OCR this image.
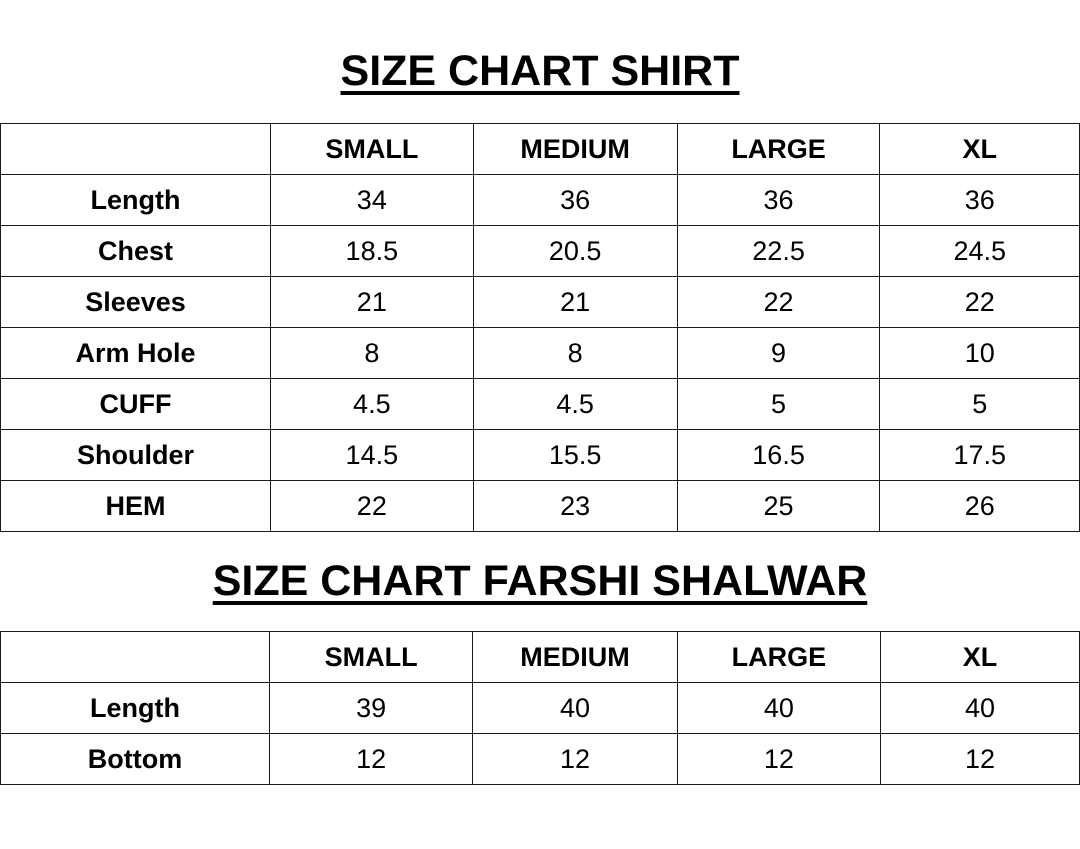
SIZE CHART SHIRT
	SMALL	MEDIUM	LARGE	XL
Length	34	36	36	36
Chest	18.5	20.5	22.5	24.5
Sleeves	21	21	22	22
Arm Hole	8	8	9	10
CUFF	4.5	4.5	5	5
Shoulder	14.5	15.5	16.5	17.5
HEM	22	23	25	26
SIZE CHART FARSHI SHALWAR
	SMALL	MEDIUM	LARGE	XL
Length	39	40	40	40
Bottom	12	12	12	12
